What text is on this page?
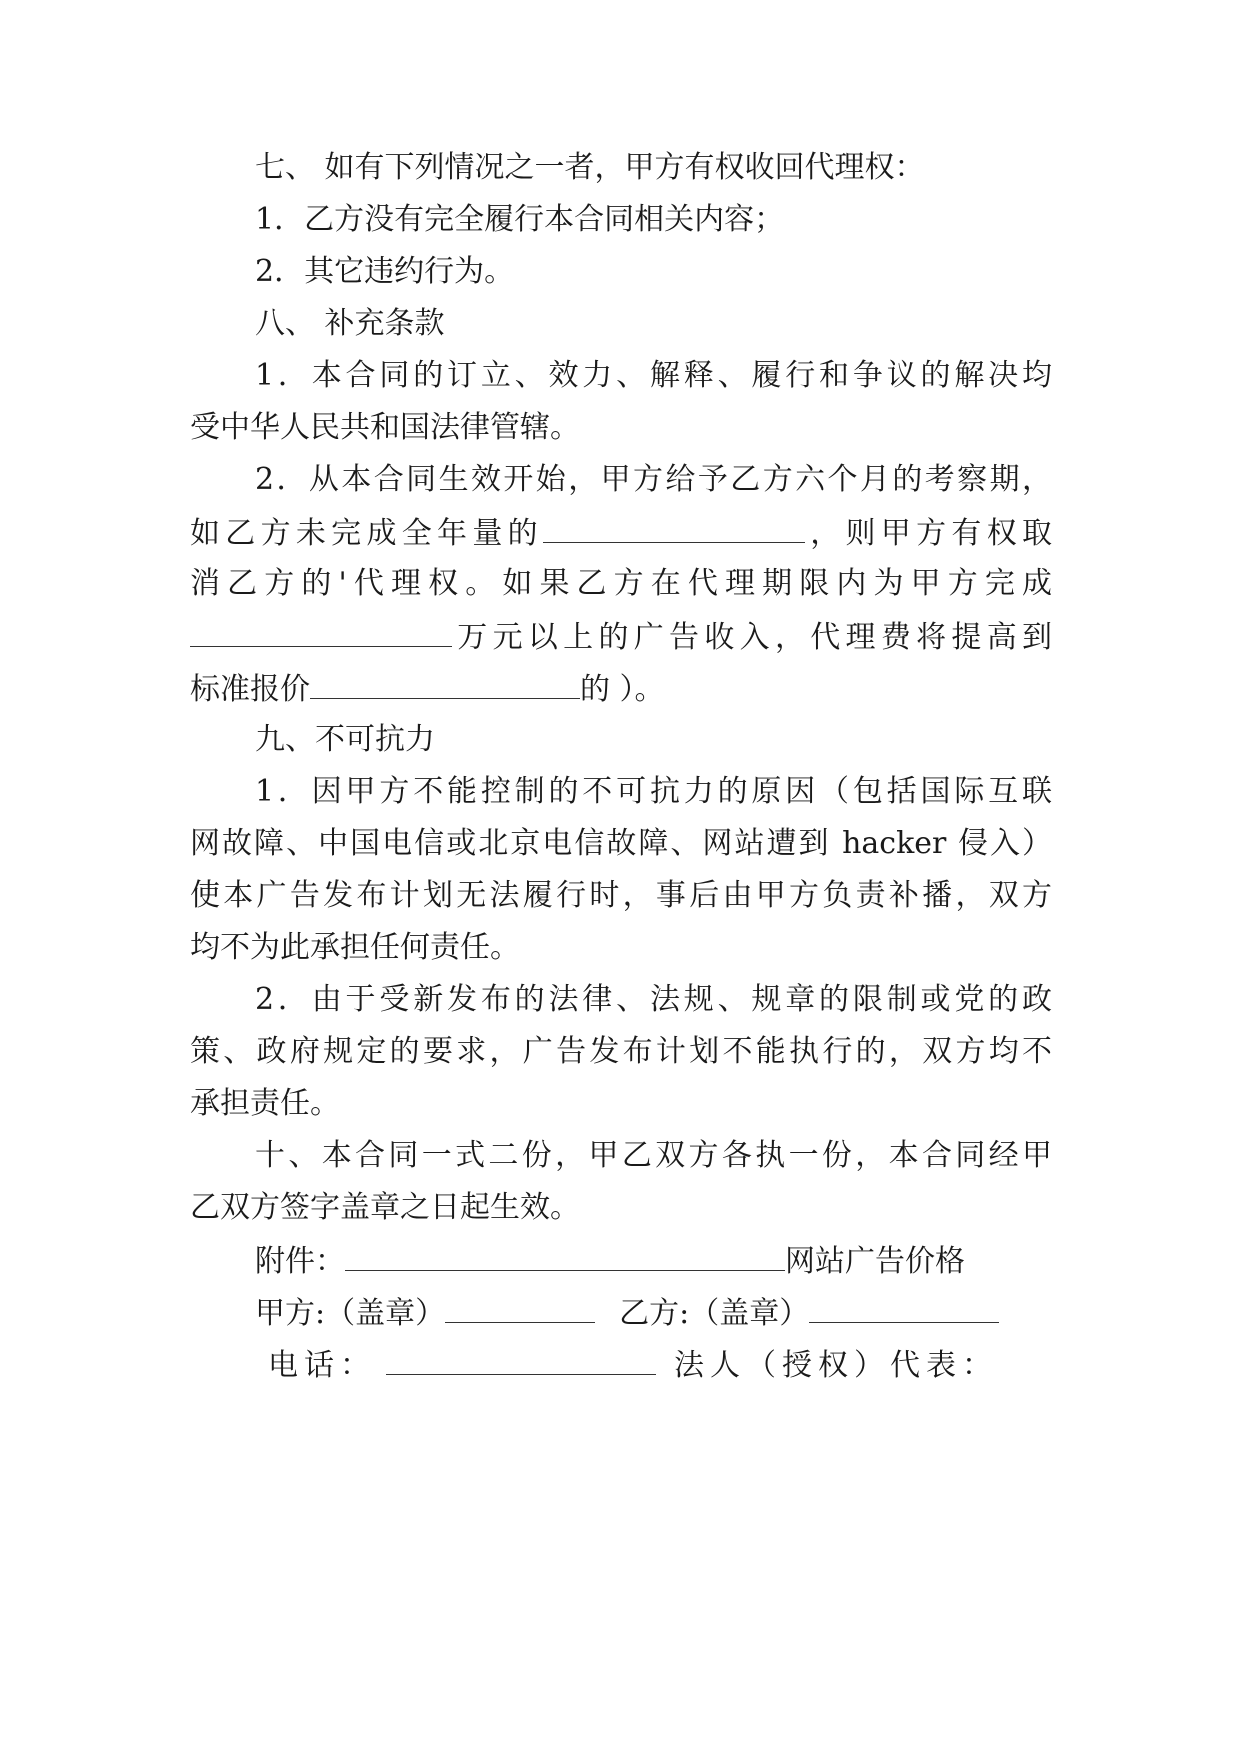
七、 如有下列情况之一者，甲方有权收回代理权：
1．乙方没有完全履行本合同相关内容；
2．其它违约行为。
八、 补充条款
1．本合同的订立、效力、解释、履行和争议的解决均
受中华人民共和国法律管辖。
2．从本合同生效开始，甲方给予乙方六个月的考察期，
如乙方未完成全年量的	，则甲方有权取
消乙方的'代理权。如果乙方在代理期限内为甲方完成
万元以上的广告收入，代理费将提高到
标准报价	的 ）。
九、不可抗力
1．因甲方不能控制的不可抗力的原因（包括国际互联
网故障、中国电信或北京电信故障、网站遭到 hacker 侵入）
使本广告发布计划无法履行时，事后由甲方负责补播，双方
均不为此承担任何责任。
2．由于受新发布的法律、法规、规章的限制或党的政
策、政府规定的要求，广告发布计划不能执行的，双方均不
承担责任。
十、本合同一式二份，甲乙双方各执一份，本合同经甲
乙双方签字盖章之日起生效。
附件：	网站广告价格
甲方:（盖章）	乙方:（盖章）
电话：	法人（授权）代表：
